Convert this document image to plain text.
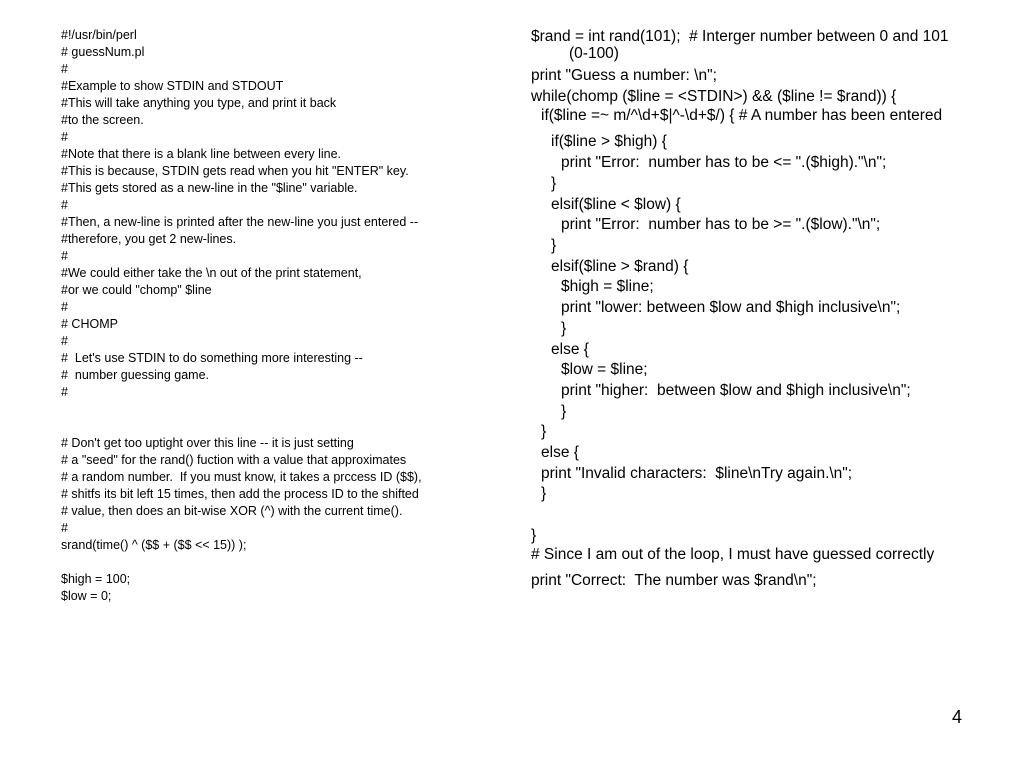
#!/usr/bin/perl
# guessNum.pl
#
#Example to show STDIN and STDOUT
#This will take anything you type, and print it back
#to the screen.
#
#Note that there is a blank line between every line.
#This is because, STDIN gets read when you hit "ENTER" key.
#This gets stored as a new-line in the "$line" variable.
#
#Then, a new-line is printed after the new-line you just entered --
#therefore, you get 2 new-lines.
#
#We could either take the \n out of the print statement,
#or we could "chomp" $line
#
# CHOMP
#
#  Let's use STDIN to do something more interesting --
#  number guessing game.
#
# Don't get too uptight over this line -- it is just setting
# a "seed" for the rand() fuction with a value that approximates
# a random number.  If you must know, it takes a prccess ID ($$),
# shitfs its bit left 15 times, then add the process ID to the shifted
# value, then does an bit-wise XOR (^) with the current time().
#
srand(time() ^ ($$ + ($$ << 15)) );
$high = 100;
$low = 0;
$rand = int rand(101);  # Interger number between 0 and 101 (0-100)
print "Guess a number: \n";
while(chomp ($line = <STDIN>) && ($line != $rand)) {
if($line =~ m/^\d+$|^-\d+$/) { # A number has been entered
if($line > $high) {
print "Error:  number has to be <= ".($high)."\n";
}
elsif($line < $low) {
print "Error:  number has to be >= ".($low)."\n";
}
elsif($line > $rand) {
$high = $line;
print "lower: between $low and $high inclusive\n";
}
else {
$low = $line;
print "higher:  between $low and $high inclusive\n";
}
}
else {
print "Invalid characters:  $line\nTry again.\n";
}
}
# Since I am out of the loop, I must have guessed correctly
print "Correct:  The number was $rand\n";
4
